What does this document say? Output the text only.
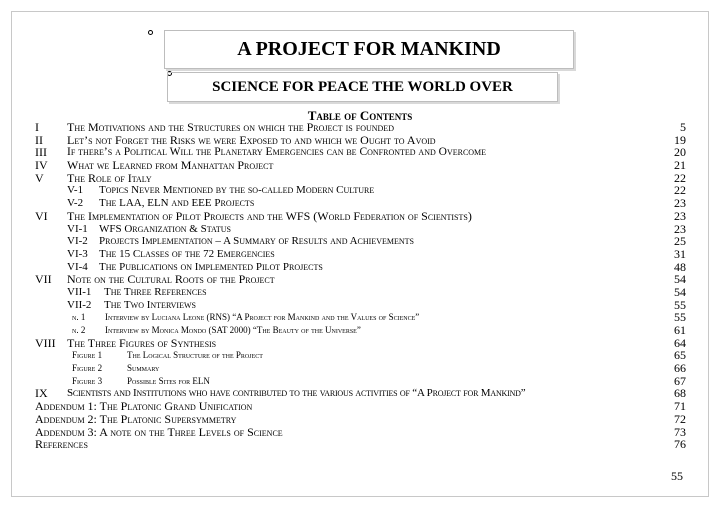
A PROJECT FOR MANKIND
SCIENCE FOR PEACE THE WORLD OVER
Table of Contents
I The Motivations and the Structures on which the Project is founded	5
II Let’s not Forget the Risks we were Exposed to and which we Ought to Avoid	19
III If there’s a Political Will the Planetary Emergencies can be Confronted and Overcome	20
IV What we Learned from Manhattan Project	21
V The Role of Italy	22
V-1 Topics Never Mentioned by the so-called Modern Culture	22
V-2 The LAA, ELN and EEE Projects	23
VI The Implementation of Pilot Projects and the WFS (World Federation of Scientists)	23
VI-1 WFS Organization & Status	23
VI-2 Projects Implementation – A Summary of Results and Achievements	25
VI-3 The 15 Classes of the 72 Emergencies	31
VI-4 The Publications on Implemented Pilot Projects	48
VII Note on the Cultural Roots of the Project	54
VII-1 The Three References	54
VII-2 The Two Interviews	55
n. 1 Interview by Luciana Leone (RNS) “A Project for Mankind and the Values of Science”	55
n. 2 Interview by Monica Mondo (SAT 2000) “The Beauty of the Universe”	61
VIII The Three Figures of Synthesis	64
Figure 1	The Logical Structure of the Project	65
Figure 2	Summary	66
Figure 3	Possible Sites for ELN	67
IX Scientists and Institutions who have contributed to the various activities of “A Project for Mankind”	68
Addendum 1: The Platonic Grand Unification	71
Addendum 2: The Platonic Supersymmetry	72
Addendum 3: A note on the Three Levels of Science	73
References	76
55
